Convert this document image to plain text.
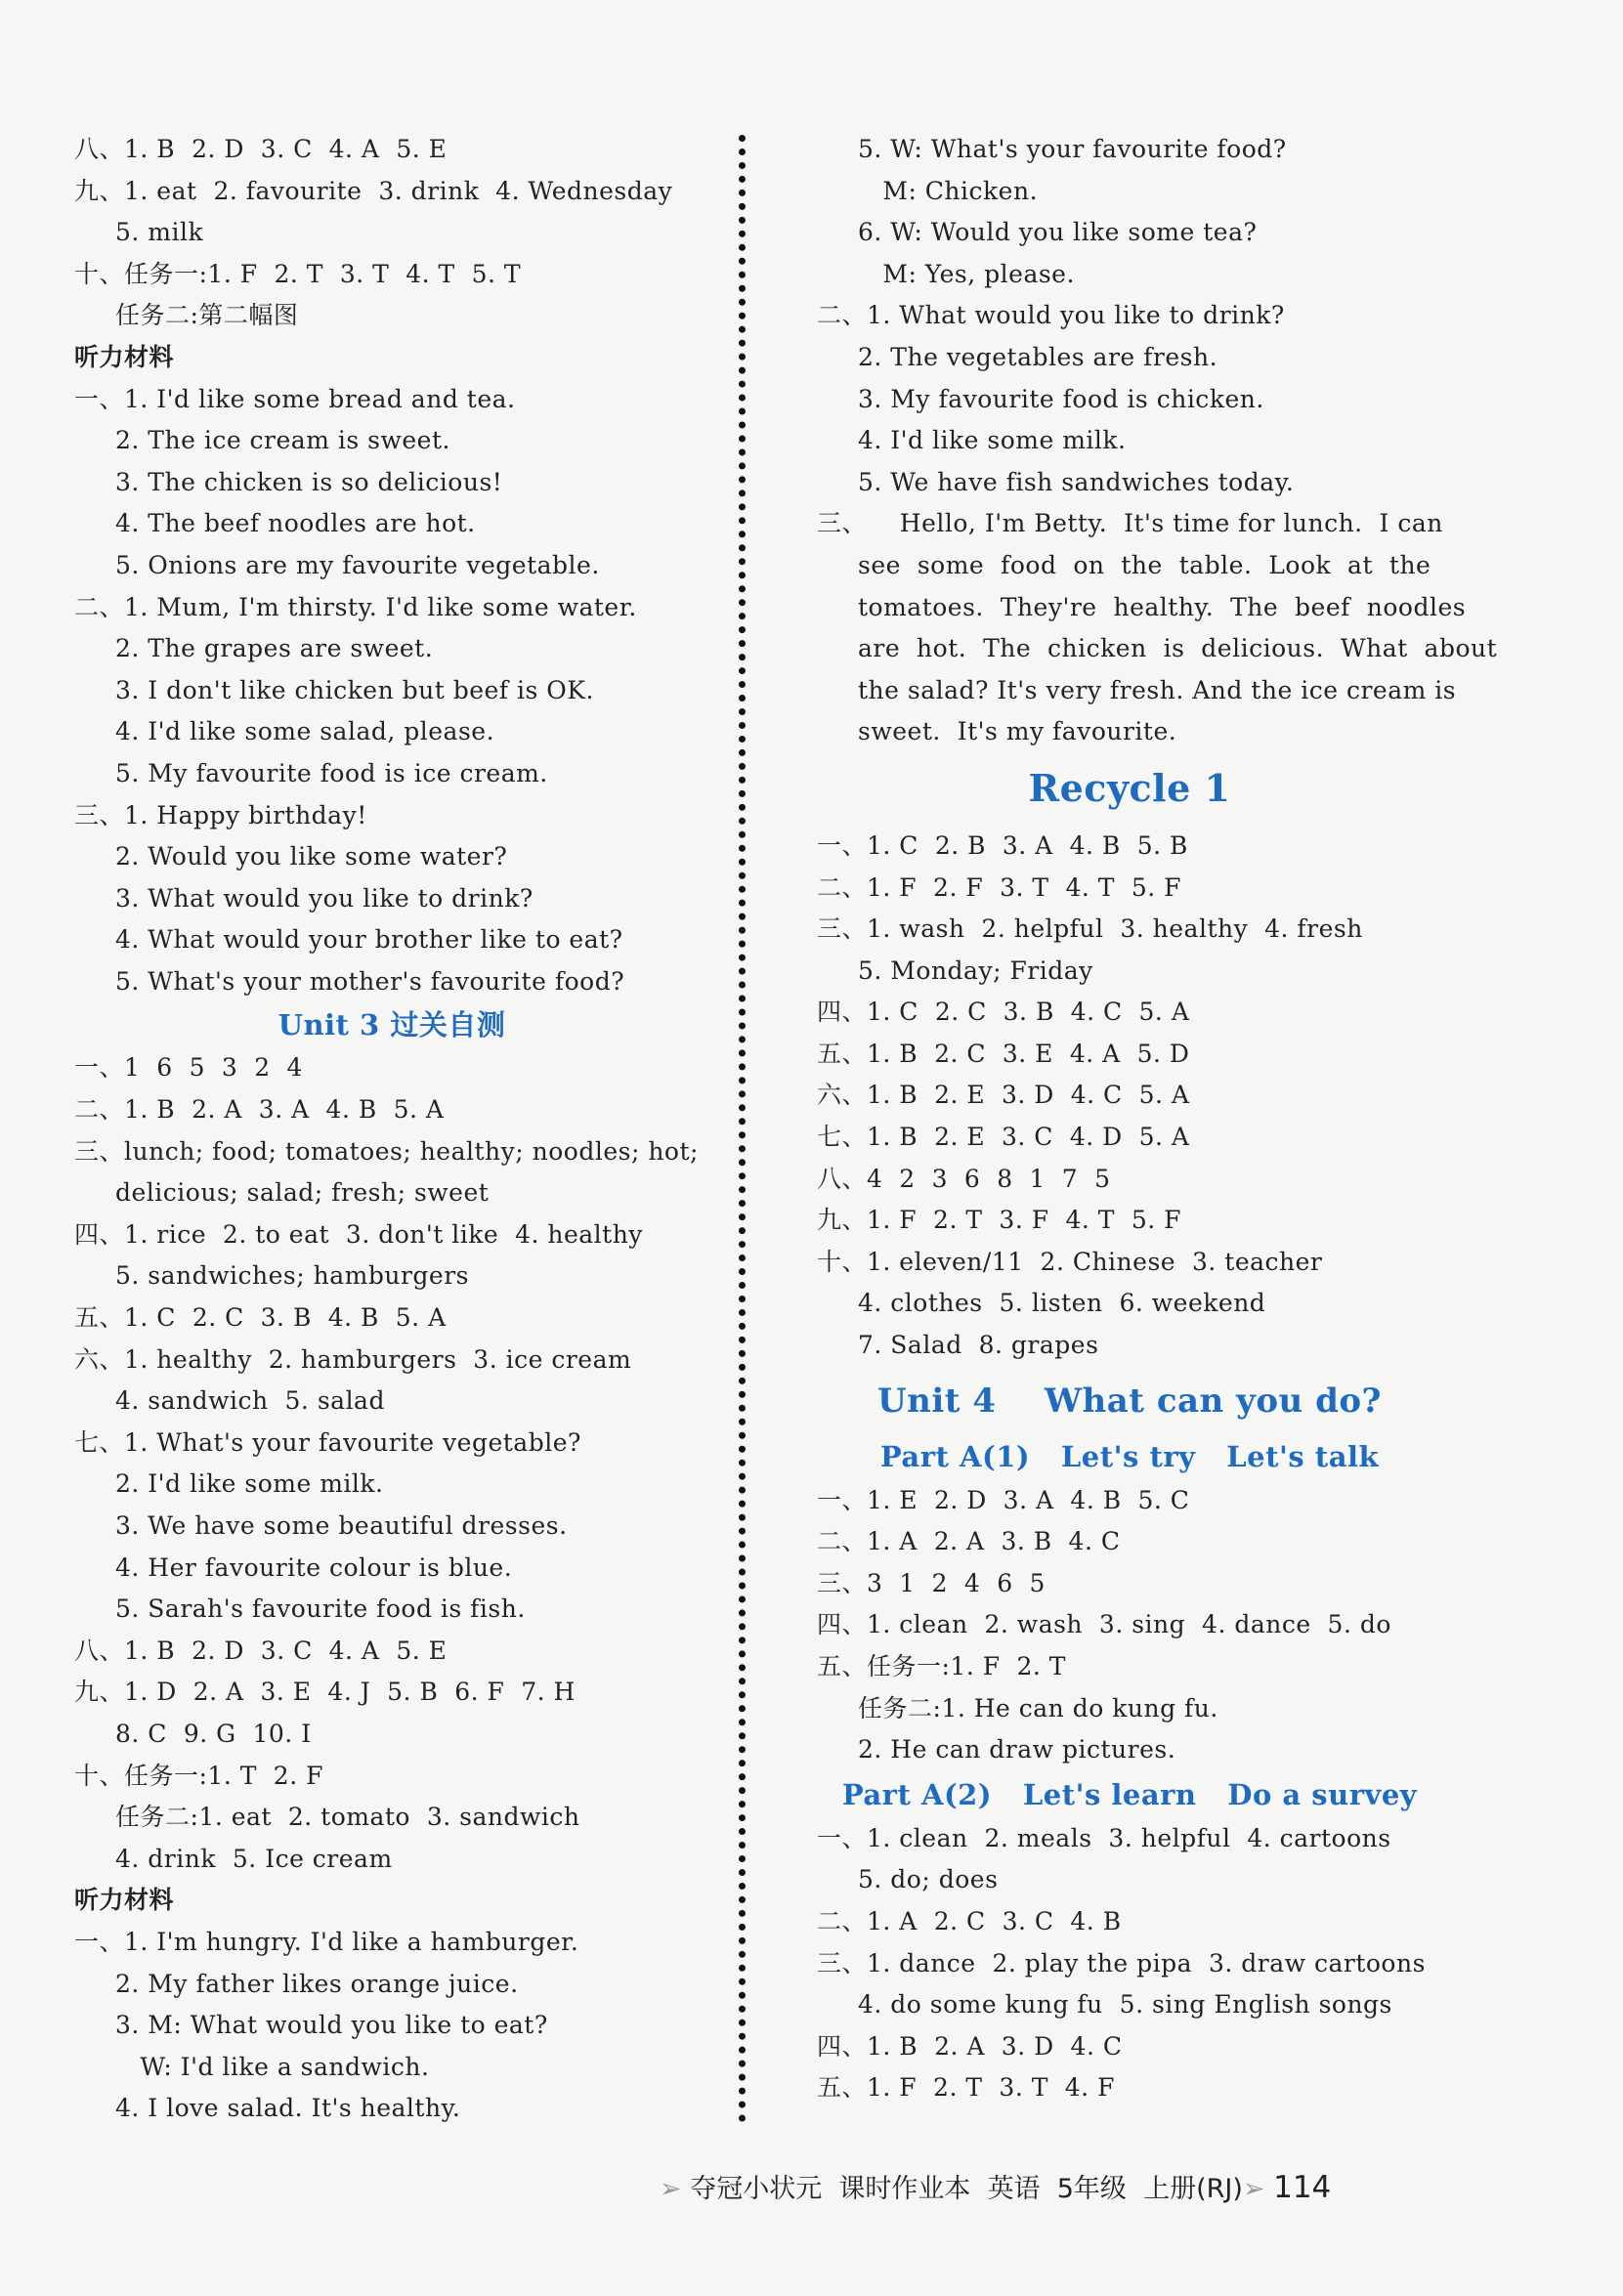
八、1. B  2. D  3. C  4. A  5. E
九、1. eat  2. favourite  3. drink  4. Wednesday
5. milk
十、任务一:1. F  2. T  3. T  4. T  5. T
任务二:第二幅图
听力材料
一、1. I'd like some bread and tea.
2. The ice cream is sweet.
3. The chicken is so delicious!
4. The beef noodles are hot.
5. Onions are my favourite vegetable.
二、1. Mum, I'm thirsty. I'd like some water.
2. The grapes are sweet.
3. I don't like chicken but beef is OK.
4. I'd like some salad, please.
5. My favourite food is ice cream.
三、1. Happy birthday!
2. Would you like some water?
3. What would you like to drink?
4. What would your brother like to eat?
5. What's your mother's favourite food?
Unit 3 过关自测
一、1  6  5  3  2  4
二、1. B  2. A  3. A  4. B  5. A
三、lunch; food; tomatoes; healthy; noodles; hot;
delicious; salad; fresh; sweet
四、1. rice  2. to eat  3. don't like  4. healthy
5. sandwiches; hamburgers
五、1. C  2. C  3. B  4. B  5. A
六、1. healthy  2. hamburgers  3. ice cream
4. sandwich  5. salad
七、1. What's your favourite vegetable?
2. I'd like some milk.
3. We have some beautiful dresses.
4. Her favourite colour is blue.
5. Sarah's favourite food is fish.
八、1. B  2. D  3. C  4. A  5. E
九、1. D  2. A  3. E  4. J  5. B  6. F  7. H
8. C  9. G  10. I
十、任务一:1. T  2. F
任务二:1. eat  2. tomato  3. sandwich
4. drink  5. Ice cream
听力材料
一、1. I'm hungry. I'd like a hamburger.
2. My father likes orange juice.
3. M: What would you like to eat?
W: I'd like a sandwich.
4. I love salad. It's healthy.
5. W: What's your favourite food?
M: Chicken.
6. W: Would you like some tea?
M: Yes, please.
二、1. What would you like to drink?
2. The vegetables are fresh.
3. My favourite food is chicken.
4. I'd like some milk.
5. We have fish sandwiches today.
三、    Hello, I'm Betty.  It's time for lunch.  I can
see  some  food  on  the  table.  Look  at  the
tomatoes.  They're  healthy.  The  beef  noodles
are  hot.  The  chicken  is  delicious.  What  about
the salad? It's very fresh. And the ice cream is
sweet.  It's my favourite.
Recycle 1
一、1. C  2. B  3. A  4. B  5. B
二、1. F  2. F  3. T  4. T  5. F
三、1. wash  2. helpful  3. healthy  4. fresh
5. Monday; Friday
四、1. C  2. C  3. B  4. C  5. A
五、1. B  2. C  3. E  4. A  5. D
六、1. B  2. E  3. D  4. C  5. A
七、1. B  2. E  3. C  4. D  5. A
八、4  2  3  6  8  1  7  5
九、1. F  2. T  3. F  4. T  5. F
十、1. eleven/11  2. Chinese  3. teacher
4. clothes  5. listen  6. weekend
7. Salad  8. grapes
Unit 4    What can you do?
Part A(1)   Let's try   Let's talk
一、1. E  2. D  3. A  4. B  5. C
二、1. A  2. A  3. B  4. C
三、3  1  2  4  6  5
四、1. clean  2. wash  3. sing  4. dance  5. do
五、任务一:1. F  2. T
任务二:1. He can do kung fu.
2. He can draw pictures.
Part A(2)   Let's learn   Do a survey
一、1. clean  2. meals  3. helpful  4. cartoons
5. do; does
二、1. A  2. C  3. C  4. B
三、1. dance  2. play the pipa  3. draw cartoons
4. do some kung fu  5. sing English songs
四、1. B  2. A  3. D  4. C
五、1. F  2. T  3. T  4. F
➢ 夺冠小状元 课时作业本 英语 5年级 上册(RJ)➢ 114
